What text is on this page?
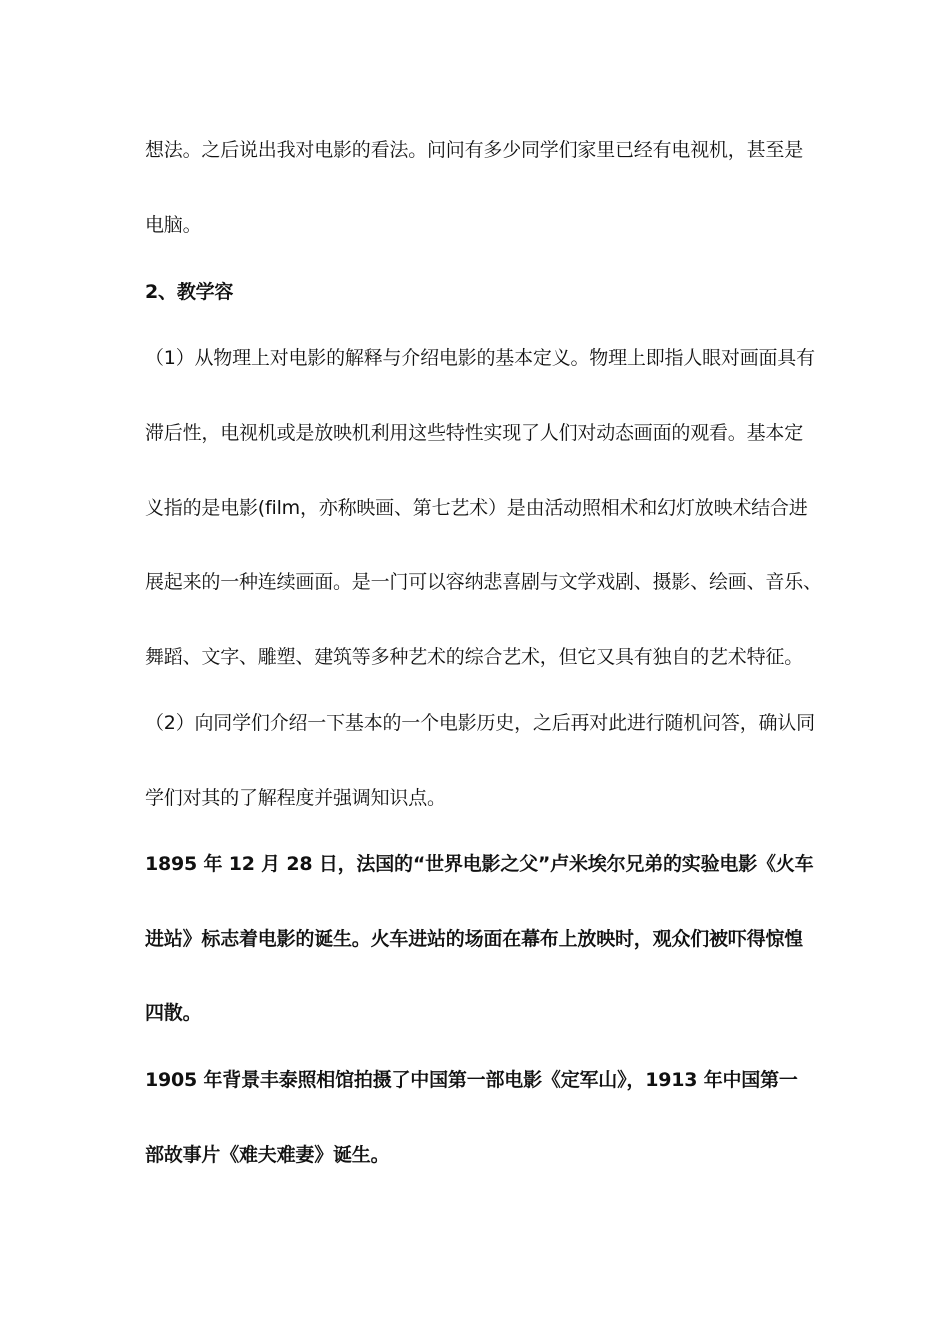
想法。之后说出我对电影的看法。问问有多少同学们家里已经有电视机，甚至是
电脑。
2、教学容
（1）从物理上对电影的解释与介绍电影的基本定义。物理上即指人眼对画面具有
滞后性，电视机或是放映机利用这些特性实现了人们对动态画面的观看。基本定
义指的是电影(film，亦称映画、第七艺术）是由活动照相术和幻灯放映术结合进
展起来的一种连续画面。是一门可以容纳悲喜剧与文学戏剧、摄影、绘画、音乐、
舞蹈、文字、雕塑、建筑等多种艺术的综合艺术，但它又具有独自的艺术特征。
（2）向同学们介绍一下基本的一个电影历史，之后再对此进行随机问答，确认同
学们对其的了解程度并强调知识点。
1895 年 12 月 28 日，法国的“世界电影之父”卢米埃尔兄弟的实验电影《火车
进站》标志着电影的诞生。火车进站的场面在幕布上放映时，观众们被吓得惊惶
四散。
1905 年背景丰泰照相馆拍摄了中国第一部电影《定军山》，1913 年中国第一
部故事片《难夫难妻》诞生。
